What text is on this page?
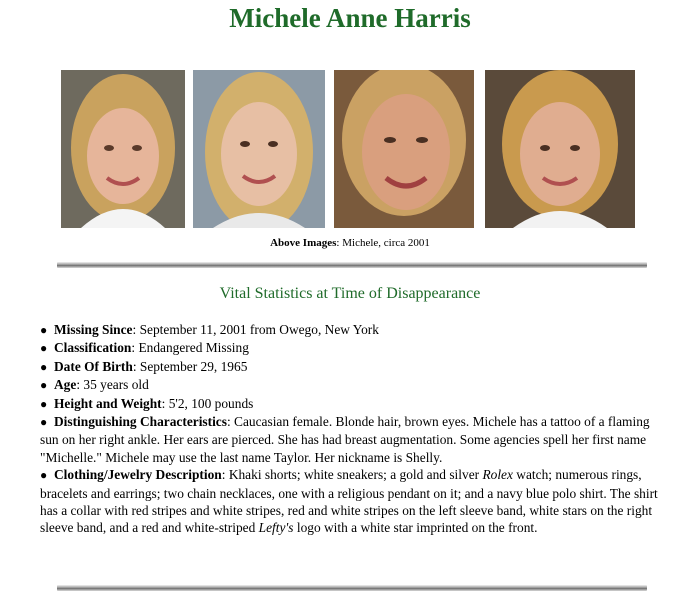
Michele Anne Harris
Above Images: Michele, circa 2001
Vital Statistics at Time of Disappearance
● Missing Since: September 11, 2001 from Owego, New York
● Classification: Endangered Missing
● Date Of Birth: September 29, 1965
● Age: 35 years old
● Height and Weight: 5'2, 100 pounds
● Distinguishing Characteristics: Caucasian female. Blonde hair, brown eyes. Michele has a tattoo of a flaming sun on her right ankle. Her ears are pierced. She has had breast augmentation. Some agencies spell her first name "Michelle." Michele may use the last name Taylor. Her nickname is Shelly.
● Clothing/Jewelry Description: Khaki shorts; white sneakers; a gold and silver Rolex watch; numerous rings, bracelets and earrings; two chain necklaces, one with a religious pendant on it; and a navy blue polo shirt. The shirt has a collar with red stripes and white stripes, red and white stripes on the left sleeve band, white stars on the right sleeve band, and a red and white-striped Lefty's logo with a white star imprinted on the front.
